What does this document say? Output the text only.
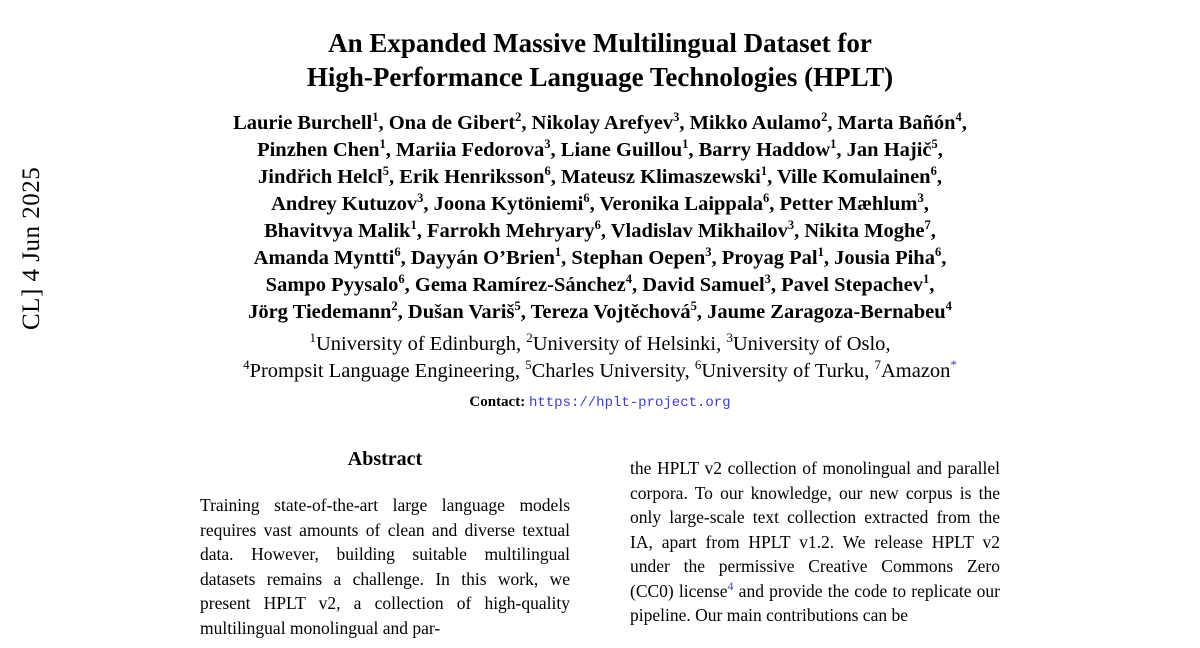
CL] 4 Jun 2025
An Expanded Massive Multilingual Dataset for
High-Performance Language Technologies (HPLT)
Laurie Burchell$^1$, Ona de Gibert$^2$, Nikolay Arefyev$^3$, Mikko Aulamo$^2$, Marta Bañón$^4$,
Pinzhen Chen$^1$, Mariia Fedorova$^3$, Liane Guillou$^1$, Barry Haddow$^1$, Jan Hajič$^5$,
Jindřich Helcl$^5$, Erik Henriksson$^6$, Mateusz Klimaszewski$^1$, Ville Komulainen$^6$,
Andrey Kutuzov$^3$, Joona Kytöniemi$^6$, Veronika Laippala$^6$, Petter Mæhlum$^3$,
Bhavitvya Malik$^1$, Farrokh Mehryary$^6$, Vladislav Mikhailov$^3$, Nikita Moghe$^7$,
Amanda Myntti$^6$, Dayyán O’Brien$^1$, Stephan Oepen$^3$, Proyag Pal$^1$, Jousia Piha$^6$,
Sampo Pyysalo$^6$, Gema Ramírez-Sánchez$^4$, David Samuel$^3$, Pavel Stepachev$^1$,
Jörg Tiedemann$^2$, Dušan Variš$^5$, Tereza Vojtěchová$^5$, Jaume Zaragoza-Bernabeu$^4$
$^1$University of Edinburgh, $^2$University of Helsinki, $^3$University of Oslo,
$^4$Prompsit Language Engineering, $^5$Charles University, $^6$University of Turku, $^7$Amazon*
Contact: https://hplt-project.org
Abstract
Training state-of-the-art large language models requires vast amounts of clean and diverse textual data. However, building suitable multilingual datasets remains a challenge. In this work, we present HPLT v2, a collection of high-quality multilingual monolingual and par-
the HPLT v2 collection of monolingual and parallel corpora. To our knowledge, our new corpus is the only large-scale text collection extracted from the IA, apart from HPLT v1.2. We release HPLT v2 under the permissive Creative Commons Zero (CC0) license$^4$ and provide the code to replicate our pipeline. Our main contributions can be
